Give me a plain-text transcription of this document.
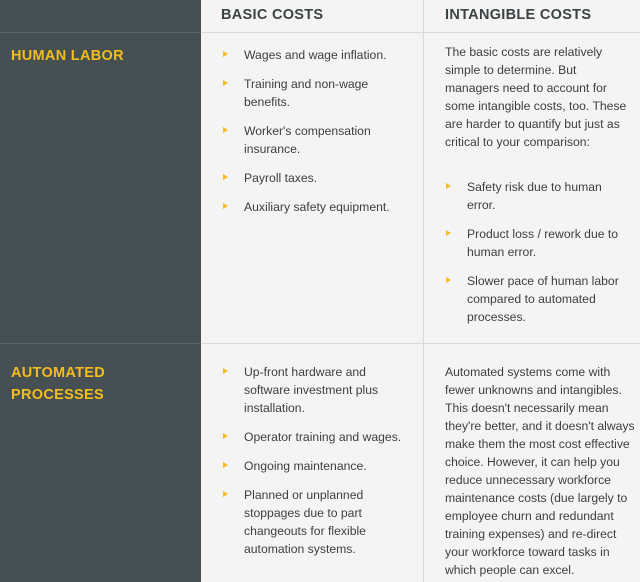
BASIC COSTS	INTANGIBLE COSTS
HUMAN LABOR
AUTOMATED PROCESSES
Wages and wage inflation.
Training and non-wage benefits.
Worker's compensation insurance.
Payroll taxes.
Auxiliary safety equipment.

The basic costs are relatively simple to determine. But managers need to account for some intangible costs, too. These are harder to quantify but just as critical to your comparison:

Safety risk due to human error.
Product loss / rework due to human error.
Slower pace of human labor compared to automated processes.
Up-front hardware and software investment plus installation.
Operator training and wages.
Ongoing maintenance.
Planned or unplanned stoppages due to part changeouts for flexible automation systems.

Automated systems come with fewer unknowns and intangibles. This doesn't necessarily mean they're better, and it doesn't always make them the most cost effective choice. However, it can help you reduce unnecessary workforce maintenance costs (due largely to employee churn and redundant training expenses) and re-direct your workforce toward tasks in which people can excel.
